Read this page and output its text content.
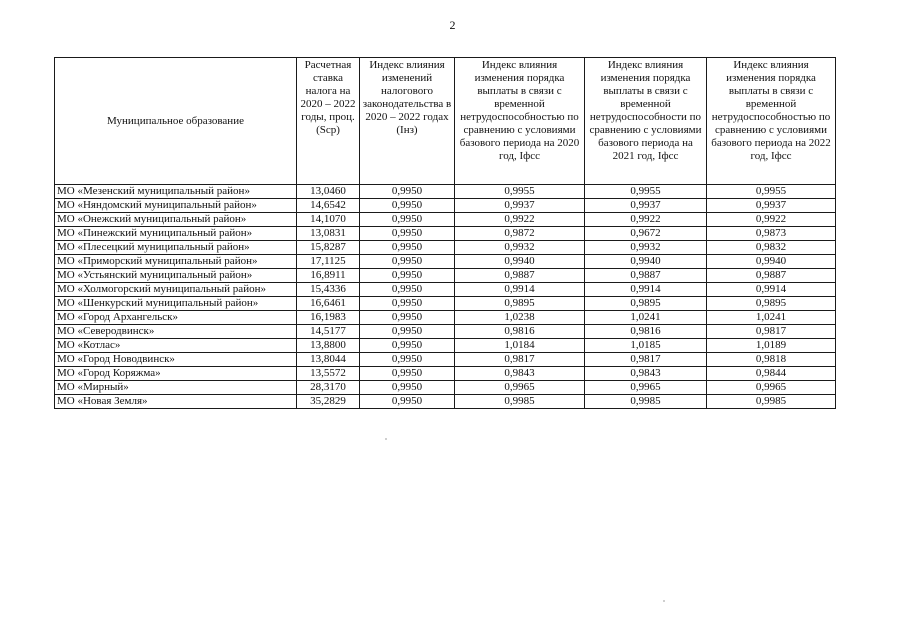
2
Муниципальное образование	Расчетная ставка налога на 2020 – 2022 годы, проц. (Scp)	Индекс влияния изменений налогового законодательства в 2020 – 2022 годах (Iнз)	Индекс влияния изменения порядка выплаты в связи с временной нетрудоспособностью по сравнению с условиями базового периода на 2020 год, Iфсс	Индекс влияния изменения порядка выплаты в связи с временной нетрудоспособности по сравнению с условиями базового периода на 2021 год, Iфсс	Индекс влияния изменения порядка выплаты в связи с временной нетрудоспособностью по сравнению с условиями базового периода на 2022 год, Iфсс
МО «Мезенский муниципальный район»	13,0460	0,9950	0,9955	0,9955	0,9955
МО «Няндомский муниципальный район»	14,6542	0,9950	0,9937	0,9937	0,9937
МО «Онежский муниципальный район»	14,1070	0,9950	0,9922	0,9922	0,9922
МО «Пинежский муниципальный район»	13,0831	0,9950	0,9872	0,9672	0,9873
МО «Плесецкий муниципальный район»	15,8287	0,9950	0,9932	0,9932	0,9832
МО «Приморский муниципальный район»	17,1125	0,9950	0,9940	0,9940	0,9940
МО «Устьянский муниципальный район»	16,8911	0,9950	0,9887	0,9887	0,9887
МО «Холмогорский муниципальный район»	15,4336	0,9950	0,9914	0,9914	0,9914
МО «Шенкурский муниципальный район»	16,6461	0,9950	0,9895	0,9895	0,9895
МО «Город Архангельск»	16,1983	0,9950	1,0238	1,0241	1,0241
МО «Северодвинск»	14,5177	0,9950	0,9816	0,9816	0,9817
МО «Котлас»	13,8800	0,9950	1,0184	1,0185	1,0189
МО «Город Новодвинск»	13,8044	0,9950	0,9817	0,9817	0,9818
МО «Город Коряжма»	13,5572	0,9950	0,9843	0,9843	0,9844
МО «Мирный»	28,3170	0,9950	0,9965	0,9965	0,9965
МО «Новая Земля»	35,2829	0,9950	0,9985	0,9985	0,9985
